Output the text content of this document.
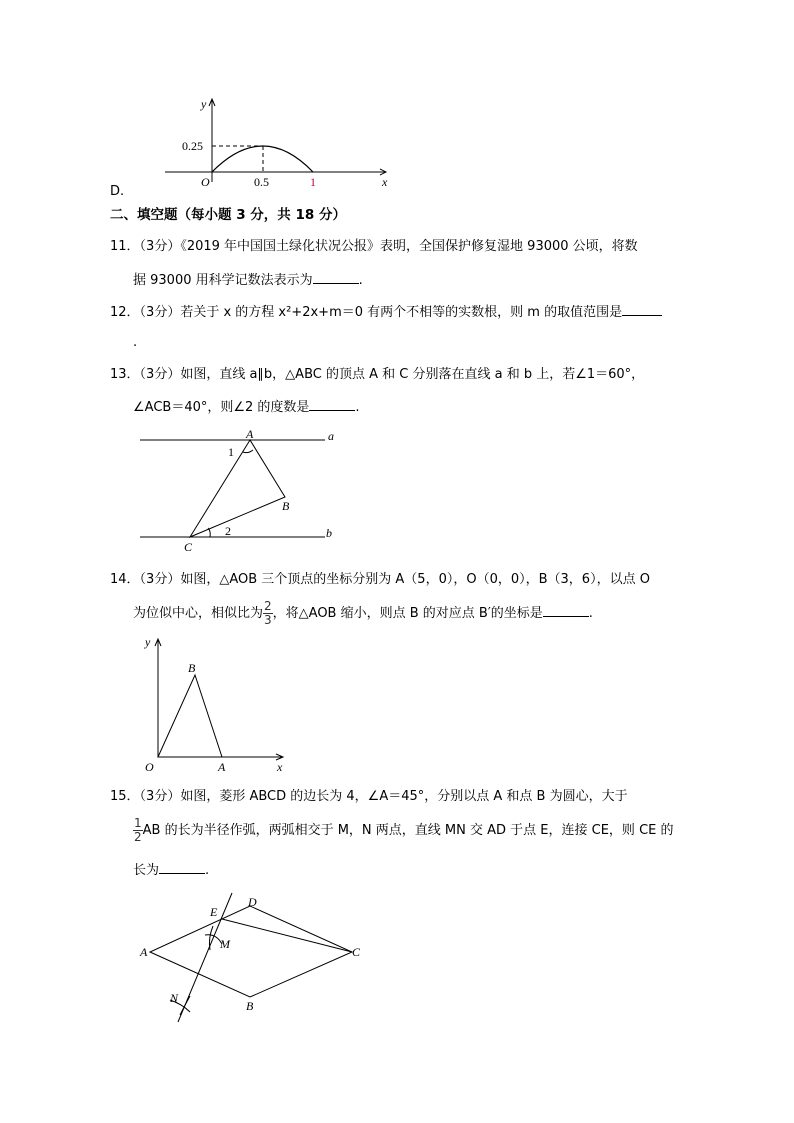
y
x
O
0.25
0.5	1
A
B
C
a
b
1
2
y
x
O	A
B
A
B
C
D
E
M
N
D.
二、填空题（每小题 3 分，共 18 分）
11．（3分）《2019 年中国国土绿化状况公报》表明，全国保护修复湿地 93000 公顷，将数
据 93000 用科学记数法表示为	.
12．（3分）若关于 x 的方程 x²+2x+m＝0 有两个不相等的实数根，则 m 的取值范围是
.
13．（3分）如图，直线 a∥b，△ABC 的顶点 A 和 C 分别落在直线 a 和 b 上，若∠1＝60°，
∠ACB＝40°，则∠2 的度数是	.
14．（3分）如图，△AOB 三个顶点的坐标分别为 A（5，0），O（0，0），B（3，6），以点 O
为位似中心，相似比为 $\frac{2}{3}$ ，将△AOB 缩小，则点 B 的对应点 B′的坐标是	.
15．（3分）如图，菱形 ABCD 的边长为 4，∠A＝45°，分别以点 A 和点 B 为圆心，大于
$\frac{1}{2}$ AB 的长为半径作弧，两弧相交于 M，N 两点，直线 MN 交 AD 于点 E，连接 CE，则 CE 的
长为	.
